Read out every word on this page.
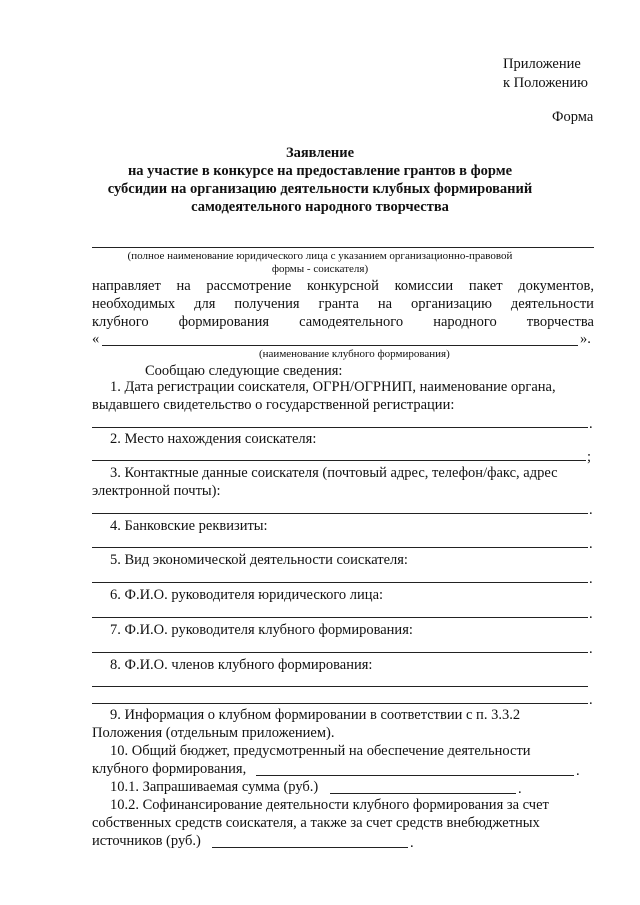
Приложение
к Положению
Форма
Заявление
на участие в конкурсе на предоставление грантов в форме
субсидии на организацию деятельности клубных формирований
самодеятельного народного творчества
(полное наименование юридического лица с указанием организационно-правовой
формы - соискателя)
направляет на рассмотрение конкурсной комиссии пакет документов,
необходимых для получения гранта на организацию деятельности
клубного формирования самодеятельного народного творчества
«	».
(наименование клубного формирования)
Сообщаю следующие сведения:
1. Дата регистрации соискателя, ОГРН/ОГРНИП, наименование органа,
выдавшего свидетельство о государственной регистрации:
.
2. Место нахождения соискателя:
;
3. Контактные данные соискателя (почтовый адрес, телефон/факс, адрес
электронной почты):
.
4. Банковские реквизиты:
.
5. Вид экономической деятельности соискателя:
.
6. Ф.И.О. руководителя юридического лица:
.
7. Ф.И.О. руководителя клубного формирования:
.
8. Ф.И.О. членов клубного формирования:
.
9. Информация о клубном формировании в соответствии с п. 3.3.2
Положения (отдельным приложением).
10. Общий бюджет, предусмотренный на обеспечение деятельности
клубного формирования,	.
10.1. Запрашиваемая сумма (руб.)	.
10.2. Софинансирование деятельности клубного формирования за счет
собственных средств соискателя, а также за счет средств внебюджетных
источников (руб.)	.
